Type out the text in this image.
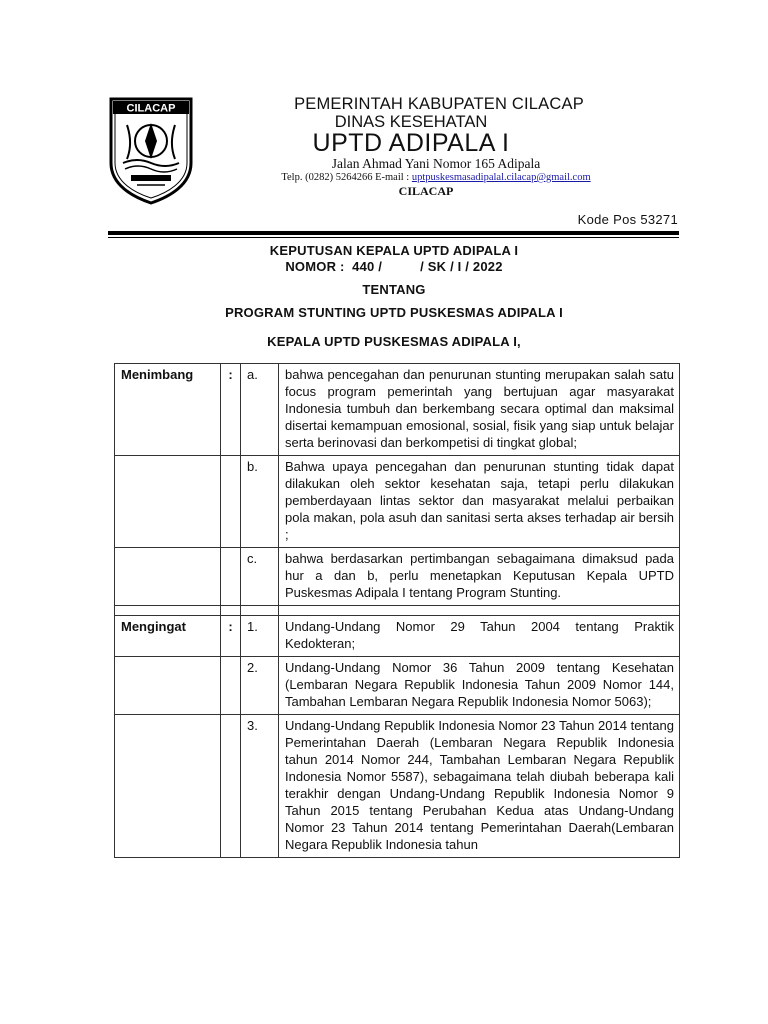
CILACAP	PEMERINTAH KABUPATEN CILACAP
DINAS KESEHATAN
UPTD ADIPALA I
Jalan Ahmad Yani Nomor 165 Adipala
Telp. (0282) 5264266 E-mail : uptpuskesmasadipalal.cilacap@gmail.com
CILACAP
Kode Pos 53271
KEPUTUSAN KEPALA UPTD ADIPALA I
NOMOR :  440 /          / SK / I / 2022
TENTANG
PROGRAM STUNTING UPTD PUSKESMAS ADIPALA I
KEPALA UPTD PUSKESMAS ADIPALA I,
Menimbang	:	a.	bahwa pencegahan dan penurunan stunting merupakan salah satu focus program pemerintah yang bertujuan agar masyarakat Indonesia tumbuh dan berkembang secara optimal dan maksimal disertai kemampuan emosional, sosial, fisik yang siap untuk belajar serta berinovasi dan berkompetisi di tingkat global;
		b.	Bahwa upaya pencegahan dan penurunan stunting tidak dapat dilakukan oleh sektor kesehatan saja, tetapi perlu dilakukan pemberdayaan lintas sektor dan masyarakat melalui perbaikan pola makan, pola asuh dan sanitasi serta akses terhadap air bersih ;
		c.	bahwa berdasarkan pertimbangan sebagaimana dimaksud pada hur a dan b, perlu menetapkan Keputusan Kepala UPTD Puskesmas Adipala I tentang Program Stunting.

Mengingat	:	1.	Undang-Undang Nomor 29 Tahun 2004 tentang Praktik Kedokteran;
		2.	Undang-Undang Nomor 36 Tahun 2009 tentang Kesehatan (Lembaran Negara Republik Indonesia Tahun 2009 Nomor 144, Tambahan Lembaran Negara Republik Indonesia Nomor 5063);
		3.	Undang-Undang Republik Indonesia Nomor 23 Tahun 2014 tentang Pemerintahan Daerah (Lembaran Negara Republik Indonesia tahun 2014 Nomor 244, Tambahan Lembaran Negara Republik Indonesia Nomor 5587), sebagaimana telah diubah beberapa kali terakhir dengan Undang-Undang Republik Indonesia Nomor 9 Tahun 2015 tentang Perubahan Kedua atas Undang-Undang Nomor 23 Tahun 2014 tentang Pemerintahan Daerah(Lembaran Negara Republik Indonesia tahun
